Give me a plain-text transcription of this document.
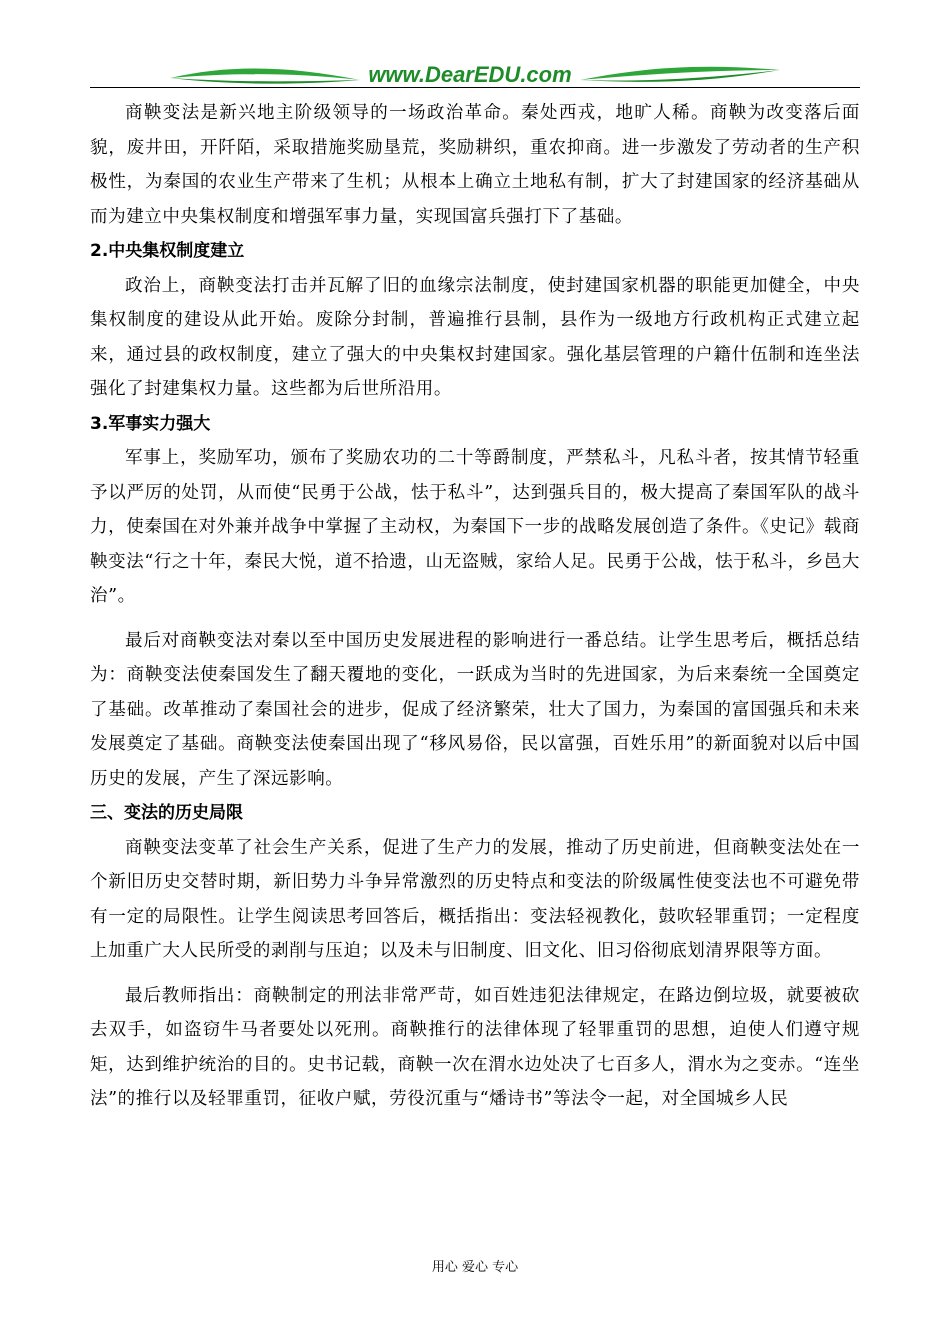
www.DearEDU.com

商鞅变法是新兴地主阶级领导的一场政治革命。秦处西戎，地旷人稀。商鞅为改变落后面貌，废井田，开阡陌，采取措施奖励垦荒，奖励耕织，重农抑商。进一步激发了劳动者的生产积极性，为秦国的农业生产带来了生机；从根本上确立土地私有制，扩大了封建国家的经济基础从而为建立中央集权制度和增强军事力量，实现国富兵强打下了基础。

2.中央集权制度建立

政治上，商鞅变法打击并瓦解了旧的血缘宗法制度，使封建国家机器的职能更加健全，中央集权制度的建设从此开始。废除分封制，普遍推行县制，县作为一级地方行政机构正式建立起来，通过县的政权制度，建立了强大的中央集权封建国家。强化基层管理的户籍什伍制和连坐法强化了封建集权力量。这些都为后世所沿用。

3.军事实力强大

军事上，奖励军功，颁布了奖励农功的二十等爵制度，严禁私斗，凡私斗者，按其情节轻重予以严厉的处罚，从而使“民勇于公战，怯于私斗”，达到强兵目的，极大提高了秦国军队的战斗力，使秦国在对外兼并战争中掌握了主动权，为秦国下一步的战略发展创造了条件。《史记》载商鞅变法“行之十年，秦民大悦，道不拾遗，山无盗贼，家给人足。民勇于公战，怯于私斗，乡邑大治”。

最后对商鞅变法对秦以至中国历史发展进程的影响进行一番总结。让学生思考后，概括总结为：商鞅变法使秦国发生了翻天覆地的变化，一跃成为当时的先进国家，为后来秦统一全国奠定了基础。改革推动了秦国社会的进步，促成了经济繁荣，壮大了国力，为秦国的富国强兵和未来发展奠定了基础。商鞅变法使秦国出现了“移风易俗，民以富强，百姓乐用”的新面貌对以后中国历史的发展，产生了深远影响。

三、变法的历史局限

商鞅变法变革了社会生产关系，促进了生产力的发展，推动了历史前进，但商鞅变法处在一个新旧历史交替时期，新旧势力斗争异常激烈的历史特点和变法的阶级属性使变法也不可避免带有一定的局限性。让学生阅读思考回答后，概括指出：变法轻视教化，鼓吹轻罪重罚；一定程度上加重广大人民所受的剥削与压迫；以及未与旧制度、旧文化、旧习俗彻底划清界限等方面。

最后教师指出：商鞅制定的刑法非常严苛，如百姓违犯法律规定，在路边倒垃圾，就要被砍去双手，如盗窃牛马者要处以死刑。商鞅推行的法律体现了轻罪重罚的思想，迫使人们遵守规矩，达到维护统治的目的。史书记载，商鞅一次在渭水边处决了七百多人，渭水为之变赤。“连坐法”的推行以及轻罪重罚，征收户赋，劳役沉重与“燔诗书”等法令一起，对全国城乡人民

用心 爱心 专心
